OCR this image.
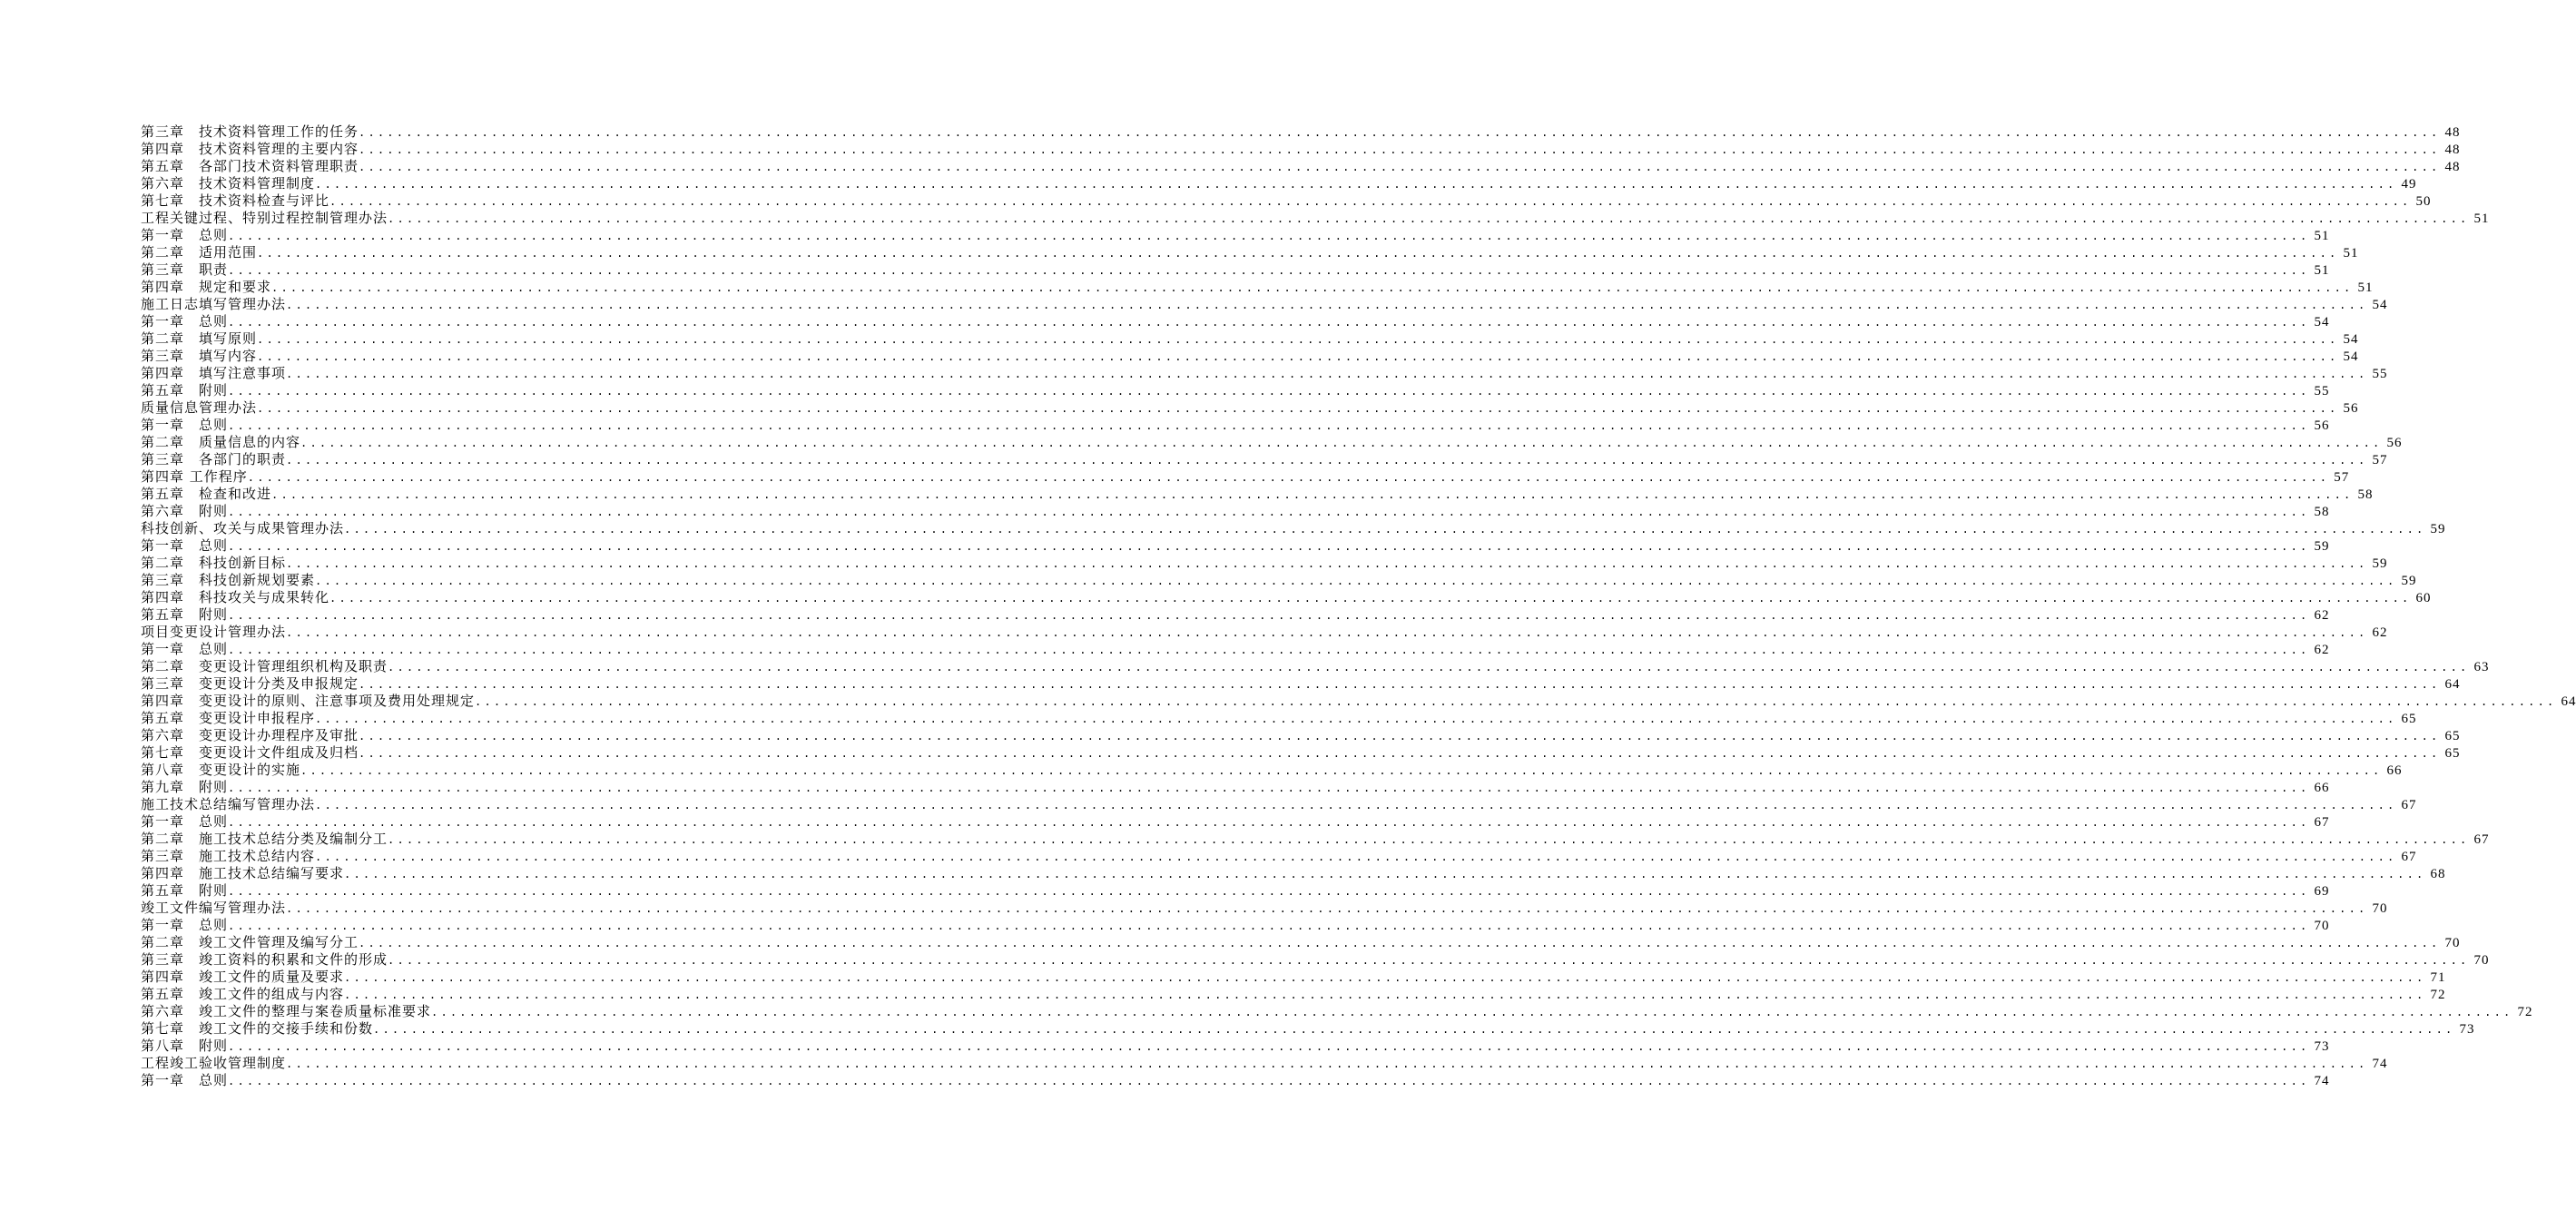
第三章　技术资料管理工作的任务 ............................................................................................................................................................................................................................ 48
第四章　技术资料管理的主要内容 ............................................................................................................................................................................................................................ 48
第五章　各部门技术资料管理职责 ............................................................................................................................................................................................................................ 48
第六章　技术资料管理制度 ............................................................................................................................................................................................................................ 49
第七章　技术资料检查与评比 ............................................................................................................................................................................................................................ 50
工程关键过程、特别过程控制管理办法 ............................................................................................................................................................................................................................ 51
第一章　总则 ............................................................................................................................................................................................................................ 51
第二章　适用范围 ............................................................................................................................................................................................................................ 51
第三章　职责 ............................................................................................................................................................................................................................ 51
第四章　规定和要求 ............................................................................................................................................................................................................................ 51
施工日志填写管理办法 ............................................................................................................................................................................................................................ 54
第一章　总则 ............................................................................................................................................................................................................................ 54
第二章　填写原则 ............................................................................................................................................................................................................................ 54
第三章　填写内容 ............................................................................................................................................................................................................................ 54
第四章　填写注意事项 ............................................................................................................................................................................................................................ 55
第五章　附则 ............................................................................................................................................................................................................................ 55
质量信息管理办法 ............................................................................................................................................................................................................................ 56
第一章　总则 ............................................................................................................................................................................................................................ 56
第二章　质量信息的内容 ............................................................................................................................................................................................................................ 56
第三章　各部门的职责 ............................................................................................................................................................................................................................ 57
第四章 工作程序 ............................................................................................................................................................................................................................ 57
第五章　检查和改进 ............................................................................................................................................................................................................................ 58
第六章　附则 ............................................................................................................................................................................................................................ 58
科技创新、攻关与成果管理办法 ............................................................................................................................................................................................................................ 59
第一章　总则 ............................................................................................................................................................................................................................ 59
第二章　科技创新目标 ............................................................................................................................................................................................................................ 59
第三章　科技创新规划要素 ............................................................................................................................................................................................................................ 59
第四章　科技攻关与成果转化 ............................................................................................................................................................................................................................ 60
第五章　附则 ............................................................................................................................................................................................................................ 62
项目变更设计管理办法 ............................................................................................................................................................................................................................ 62
第一章　总则 ............................................................................................................................................................................................................................ 62
第二章　变更设计管理组织机构及职责 ............................................................................................................................................................................................................................ 63
第三章　变更设计分类及申报规定 ............................................................................................................................................................................................................................ 64
第四章　变更设计的原则、注意事项及费用处理规定 ............................................................................................................................................................................................................................ 64
第五章　变更设计申报程序 ............................................................................................................................................................................................................................ 65
第六章　变更设计办理程序及审批 ............................................................................................................................................................................................................................ 65
第七章　变更设计文件组成及归档 ............................................................................................................................................................................................................................ 65
第八章　变更设计的实施 ............................................................................................................................................................................................................................ 66
第九章　附则 ............................................................................................................................................................................................................................ 66
施工技术总结编写管理办法 ............................................................................................................................................................................................................................ 67
第一章　总则 ............................................................................................................................................................................................................................ 67
第二章　施工技术总结分类及编制分工 ............................................................................................................................................................................................................................ 67
第三章　施工技术总结内容 ............................................................................................................................................................................................................................ 67
第四章　施工技术总结编写要求 ............................................................................................................................................................................................................................ 68
第五章　附则 ............................................................................................................................................................................................................................ 69
竣工文件编写管理办法 ............................................................................................................................................................................................................................ 70
第一章　总则 ............................................................................................................................................................................................................................ 70
第二章　竣工文件管理及编写分工 ............................................................................................................................................................................................................................ 70
第三章　竣工资料的积累和文件的形成 ............................................................................................................................................................................................................................ 70
第四章　竣工文件的质量及要求 ............................................................................................................................................................................................................................ 71
第五章　竣工文件的组成与内容 ............................................................................................................................................................................................................................ 72
第六章　竣工文件的整理与案卷质量标准要求 ............................................................................................................................................................................................................................ 72
第七章　竣工文件的交接手续和份数 ............................................................................................................................................................................................................................ 73
第八章　附则 ............................................................................................................................................................................................................................ 73
工程竣工验收管理制度 ............................................................................................................................................................................................................................ 74
第一章　总则 ............................................................................................................................................................................................................................ 74
